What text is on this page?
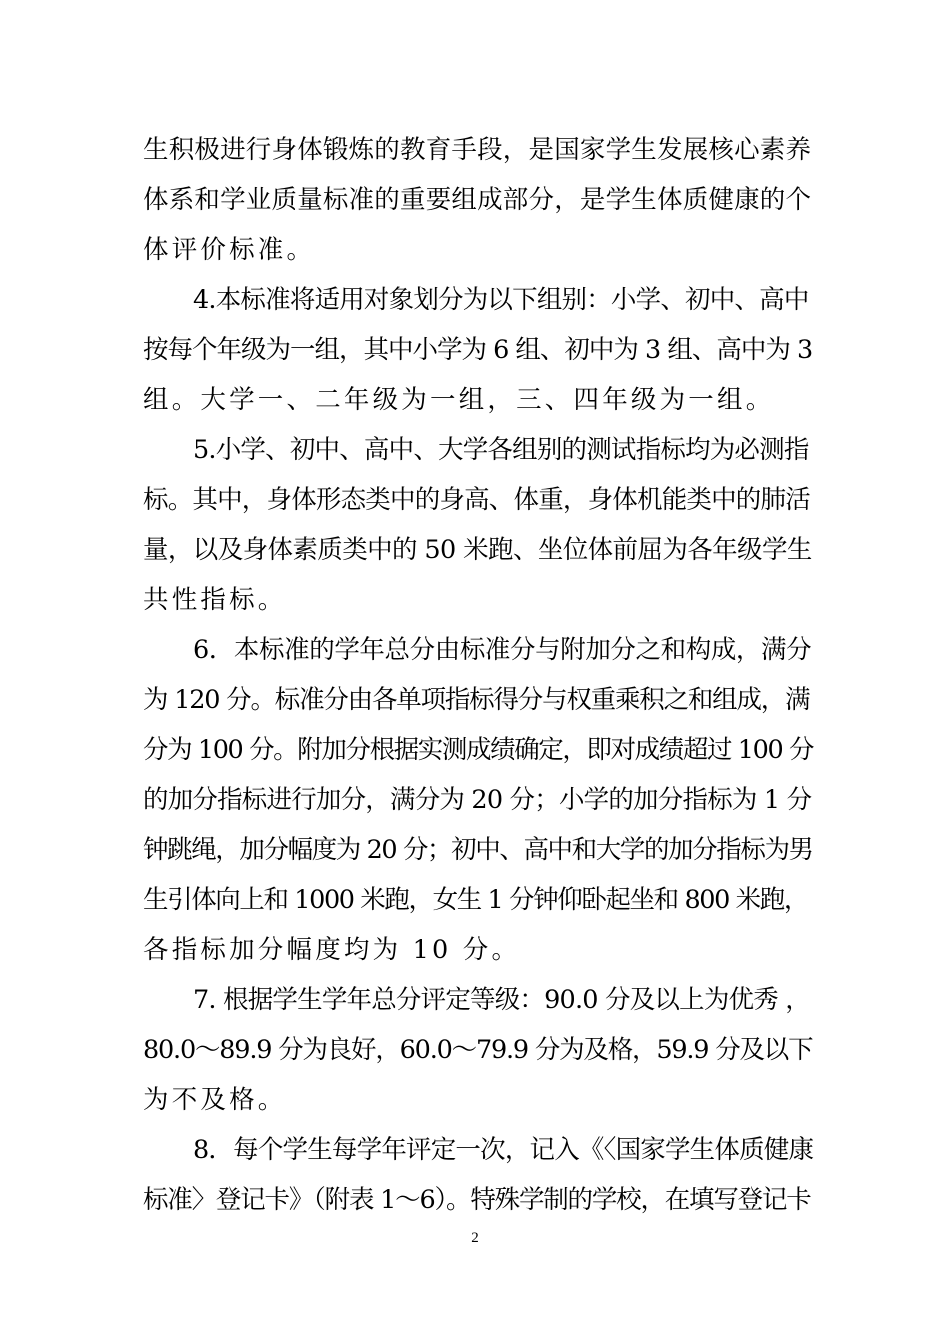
生积极进行身体锻炼的教育手段，是国家学生发展核心素养
体系和学业质量标准的重要组成部分，是学生体质健康的个
体评价标准。
4.本标准将适用对象划分为以下组别：小学、初中、高中
按每个年级为一组，其中小学为 6 组、初中为 3 组、高中为 3
组。大学一、二年级为一组，三、四年级为一组。
5.小学、初中、高中、大学各组别的测试指标均为必测指
标。其中，身体形态类中的身高、体重，身体机能类中的肺活
量，以及身体素质类中的 50 米跑、坐位体前屈为各年级学生
共性指标。
6．本标准的学年总分由标准分与附加分之和构成，满分
为 120 分。标准分由各单项指标得分与权重乘积之和组成，满
分为 100 分。附加分根据实测成绩确定，即对成绩超过 100 分
的加分指标进行加分，满分为 20 分；小学的加分指标为 1 分
钟跳绳，加分幅度为 20 分；初中、高中和大学的加分指标为男
生引体向上和 1000 米跑，女生 1 分钟仰卧起坐和 800 米跑，
各指标加分幅度均为 10 分。
7. 根据学生学年总分评定等级：90.0 分及以上为优秀 ，
80.0～89.9 分为良好，60.0～79.9 分为及格，59.9 分及以下
为不及格。
8．每个学生每学年评定一次，记入《〈国家学生体质健康
标准〉登记卡》（附表 1～6）。特殊学制的学校，在填写登记卡
2
